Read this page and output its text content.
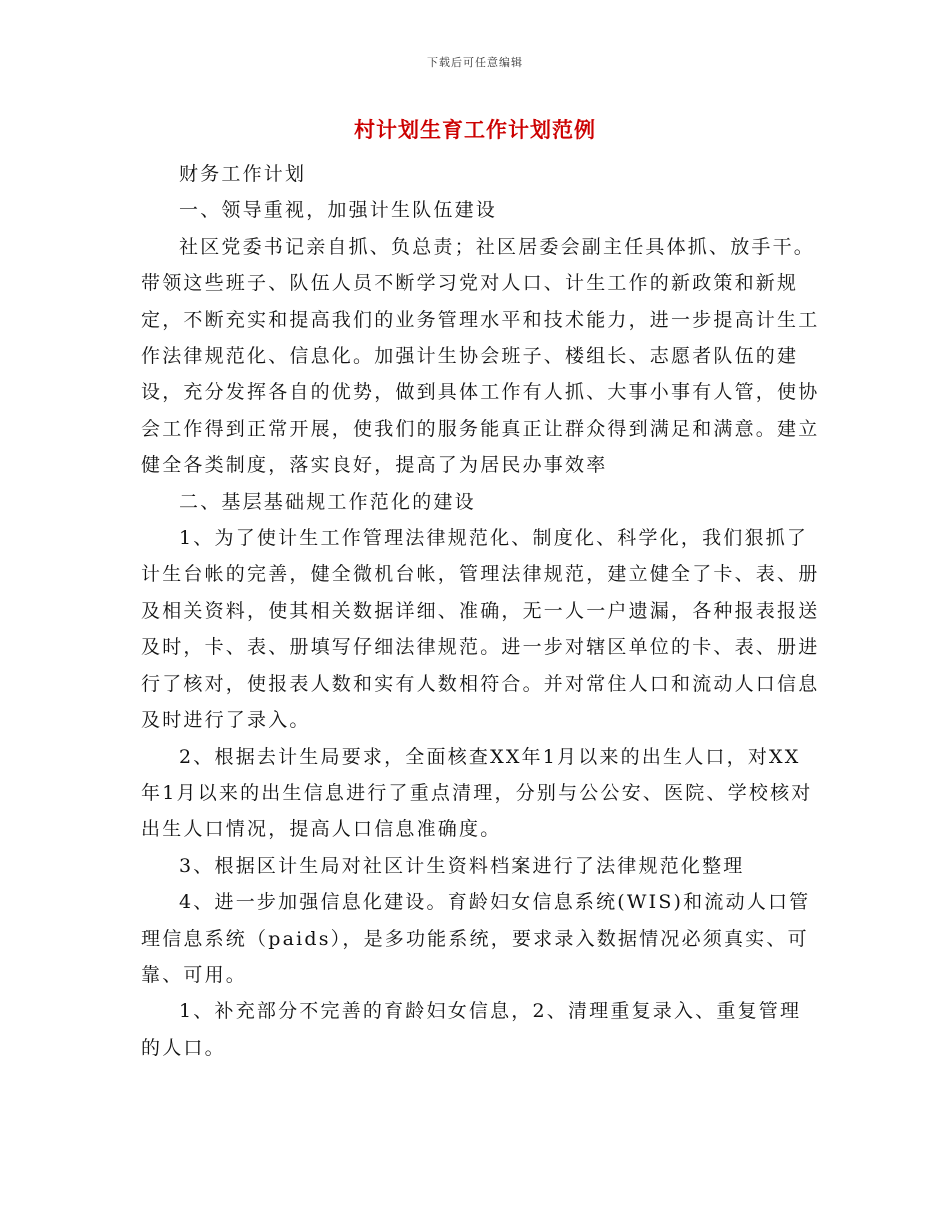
下载后可任意编辑
村计划生育工作计划范例

财务工作计划

一、领导重视，加强计生队伍建设

社区党委书记亲自抓、负总责；社区居委会副主任具体抓、放手干。带领这些班子、队伍人员不断学习党对人口、计生工作的新政策和新规定，不断充实和提高我们的业务管理水平和技术能力，进一步提高计生工作法律规范化、信息化。加强计生协会班子、楼组长、志愿者队伍的建设，充分发挥各自的优势，做到具体工作有人抓、大事小事有人管，使协会工作得到正常开展，使我们的服务能真正让群众得到满足和满意。建立健全各类制度，落实良好，提高了为居民办事效率

二、基层基础规工作范化的建设

1、为了使计生工作管理法律规范化、制度化、科学化，我们狠抓了计生台帐的完善，健全微机台帐，管理法律规范，建立健全了卡、表、册及相关资料，使其相关数据详细、准确，无一人一户遗漏，各种报表报送及时，卡、表、册填写仔细法律规范。进一步对辖区单位的卡、表、册进行了核对，使报表人数和实有人数相符合。并对常住人口和流动人口信息及时进行了录入。

2、根据去计生局要求，全面核查XX年1月以来的出生人口，对XX年1月以来的出生信息进行了重点清理，分别与公公安、医院、学校核对出生人口情况，提高人口信息准确度。

3、根据区计生局对社区计生资料档案进行了法律规范化整理

4、进一步加强信息化建设。育龄妇女信息系统(WIS)和流动人口管理信息系统（paids），是多功能系统，要求录入数据情况必须真实、可靠、可用。

1、补充部分不完善的育龄妇女信息，2、清理重复录入、重复管理的人口。
